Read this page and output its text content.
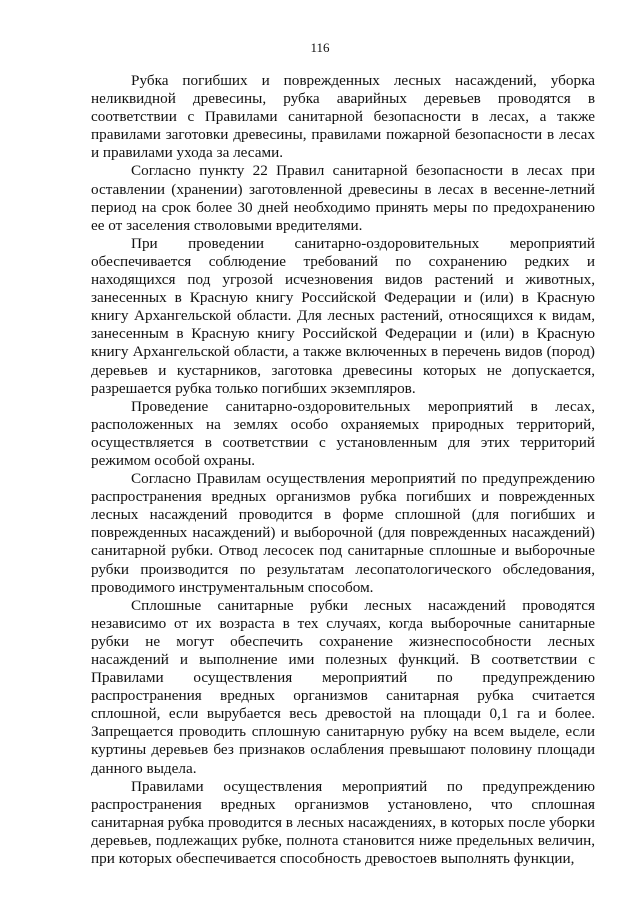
116

Рубка погибших и поврежденных лесных насаждений, уборка неликвидной древесины, рубка аварийных деревьев проводятся в соответствии с Правилами санитарной безопасности в лесах, а также правилами заготовки древесины, правилами пожарной безопасности в лесах и правилами ухода за лесами.

Согласно пункту 22 Правил санитарной безопасности в лесах при оставлении (хранении) заготовленной древесины в лесах в весенне-летний период на срок более 30 дней необходимо принять меры по предохранению ее от заселения стволовыми вредителями.

При проведении санитарно-оздоровительных мероприятий обеспечивается соблюдение требований по сохранению редких и находящихся под угрозой исчезновения видов растений и животных, занесенных в Красную книгу Российской Федерации и (или) в Красную книгу Архангельской области. Для лесных растений, относящихся к видам, занесенным в Красную книгу Российской Федерации и (или) в Красную книгу Архангельской области, а также включенных в перечень видов (пород) деревьев и кустарников, заготовка древесины которых не допускается, разрешается рубка только погибших экземпляров.

Проведение санитарно-оздоровительных мероприятий в лесах, расположенных на землях особо охраняемых природных территорий, осуществляется в соответствии с установленным для этих территорий режимом особой охраны.

Согласно Правилам осуществления мероприятий по предупреждению распространения вредных организмов рубка погибших и поврежденных лесных насаждений проводится в форме сплошной (для погибших и поврежденных насаждений) и выборочной (для поврежденных насаждений) санитарной рубки. Отвод лесосек под санитарные сплошные и выборочные рубки производится по результатам лесопатологического обследования, проводимого инструментальным способом.

Сплошные санитарные рубки лесных насаждений проводятся независимо от их возраста в тех случаях, когда выборочные санитарные рубки не могут обеспечить сохранение жизнеспособности лесных насаждений и выполнение ими полезных функций. В соответствии с Правилами осуществления мероприятий по предупреждению распространения вредных организмов санитарная рубка считается сплошной, если вырубается весь древостой на площади 0,1 га и более. Запрещается проводить сплошную санитарную рубку на всем выделе, если куртины деревьев без признаков ослабления превышают половину площади данного выдела.

Правилами осуществления мероприятий по предупреждению распространения вредных организмов установлено, что сплошная санитарная рубка проводится в лесных насаждениях, в которых после уборки деревьев, подлежащих рубке, полнота становится ниже предельных величин, при которых обеспечивается способность древостоев выполнять функции,
